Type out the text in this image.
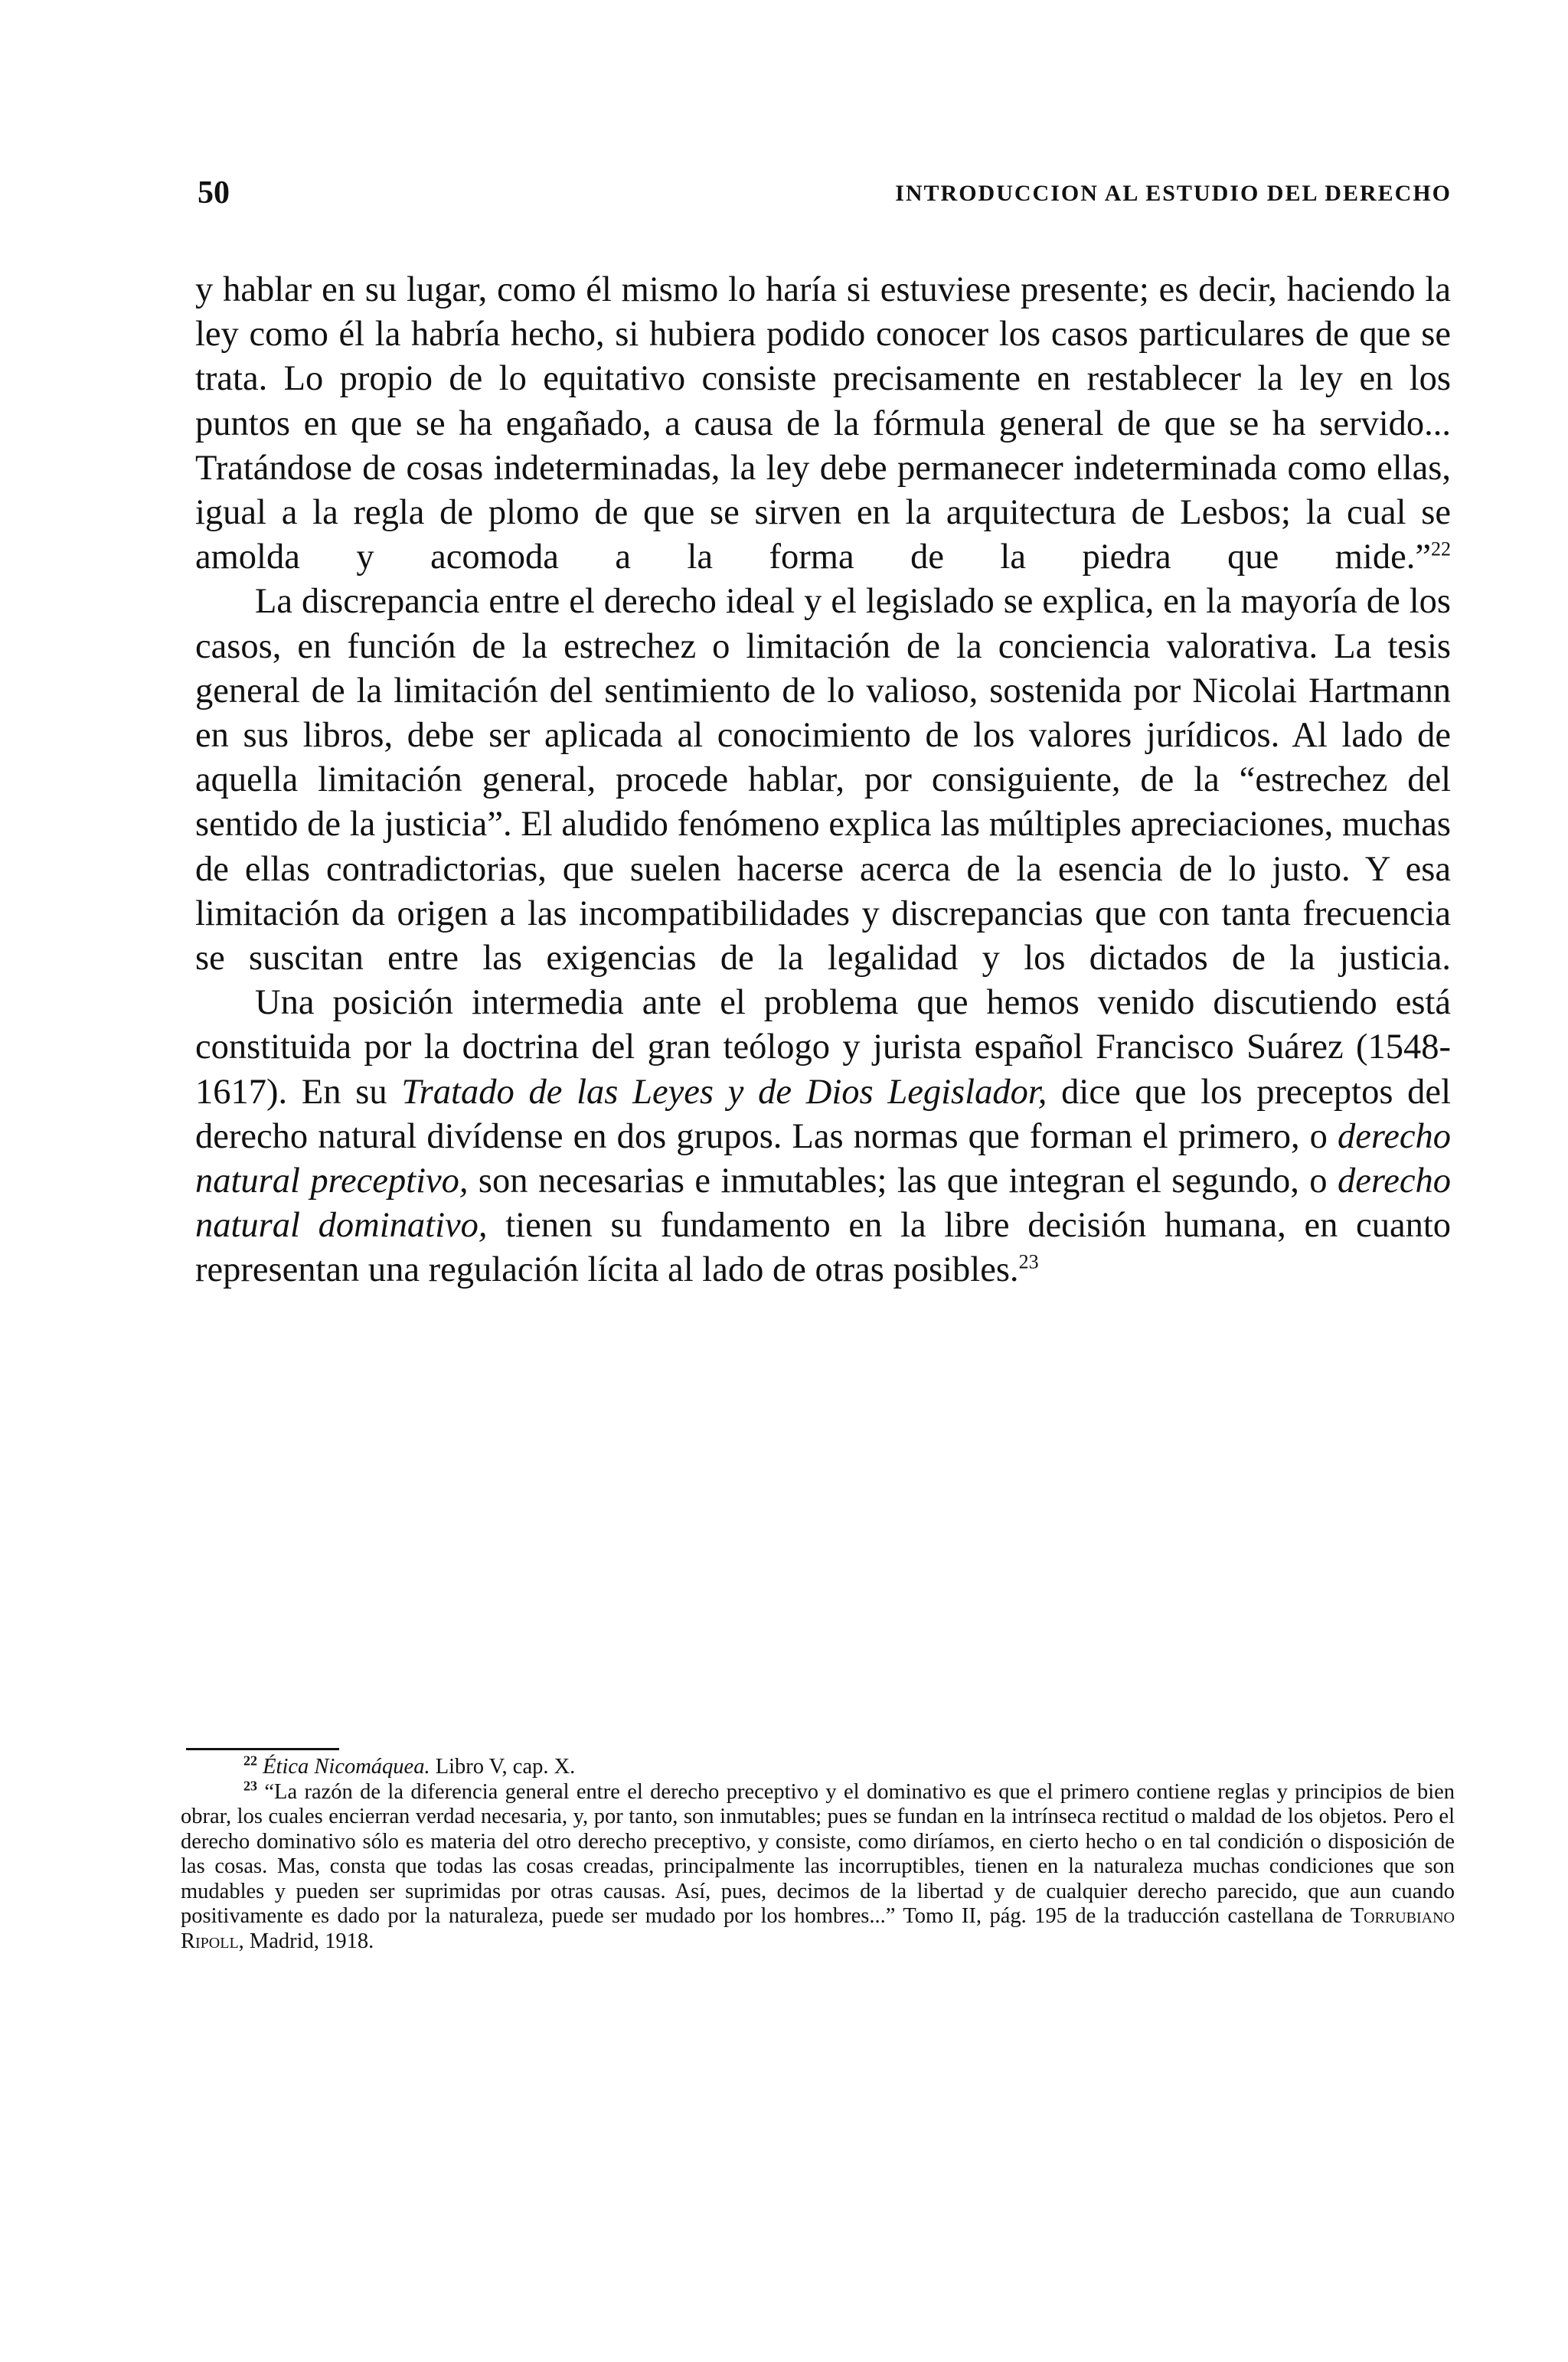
50	INTRODUCCION AL ESTUDIO DEL DERECHO

y hablar en su lugar, como él mismo lo haría si estuviese presente; es decir, haciendo la ley como él la habría hecho, si hubiera podido conocer los casos particulares de que se trata. Lo propio de lo equitativo consiste precisamente en restablecer la ley en los puntos en que se ha engañado, a causa de la fórmula general de que se ha servido... Tratándose de cosas indeterminadas, la ley debe permanecer indeterminada como ellas, igual a la regla de plomo de que se sirven en la arquitectura de Lesbos; la cual se amolda y acomoda a la forma de la piedra que mide.”$^{22}$

La discrepancia entre el derecho ideal y el legislado se explica, en la mayoría de los casos, en función de la estrechez o limitación de la conciencia valorativa. La tesis general de la limitación del sentimiento de lo valioso, sostenida por Nicolai Hartmann en sus libros, debe ser aplicada al conocimiento de los valores jurídicos. Al lado de aquella limitación general, procede hablar, por consiguiente, de la “estrechez del sentido de la justicia”. El aludido fenómeno explica las múltiples apreciaciones, muchas de ellas contradictorias, que suelen hacerse acerca de la esencia de lo justo. Y esa limitación da origen a las incompatibilidades y discrepancias que con tanta frecuencia se suscitan entre las exigencias de la legalidad y los dictados de la justicia.

Una posición intermedia ante el problema que hemos venido discutiendo está constituida por la doctrina del gran teólogo y jurista español Francisco Suárez (1548-1617). En su Tratado de las Leyes y de Dios Legislador, dice que los preceptos del derecho natural divídense en dos grupos. Las normas que forman el primero, o derecho natural preceptivo, son necesarias e inmutables; las que integran el segundo, o derecho natural dominativo, tienen su fundamento en la libre decisión humana, en cuanto representan una regulación lícita al lado de otras posibles.$^{23}$

$^{22}$ Ética Nicomáquea. Libro V, cap. X.

$^{23}$ “La razón de la diferencia general entre el derecho preceptivo y el dominativo es que el primero contiene reglas y principios de bien obrar, los cuales encierran verdad necesaria, y, por tanto, son inmutables; pues se fundan en la intrínseca rectitud o maldad de los objetos. Pero el derecho dominativo sólo es materia del otro derecho preceptivo, y consiste, como diríamos, en cierto hecho o en tal condición o disposición de las cosas. Mas, consta que todas las cosas creadas, principalmente las incorruptibles, tienen en la naturaleza muchas condiciones que son mudables y pueden ser suprimidas por otras causas. Así, pues, decimos de la libertad y de cualquier derecho parecido, que aun cuando positivamente es dado por la naturaleza, puede ser mudado por los hombres...” Tomo II, pág. 195 de la traducción castellana de Torrubiano Ripoll, Madrid, 1918.
